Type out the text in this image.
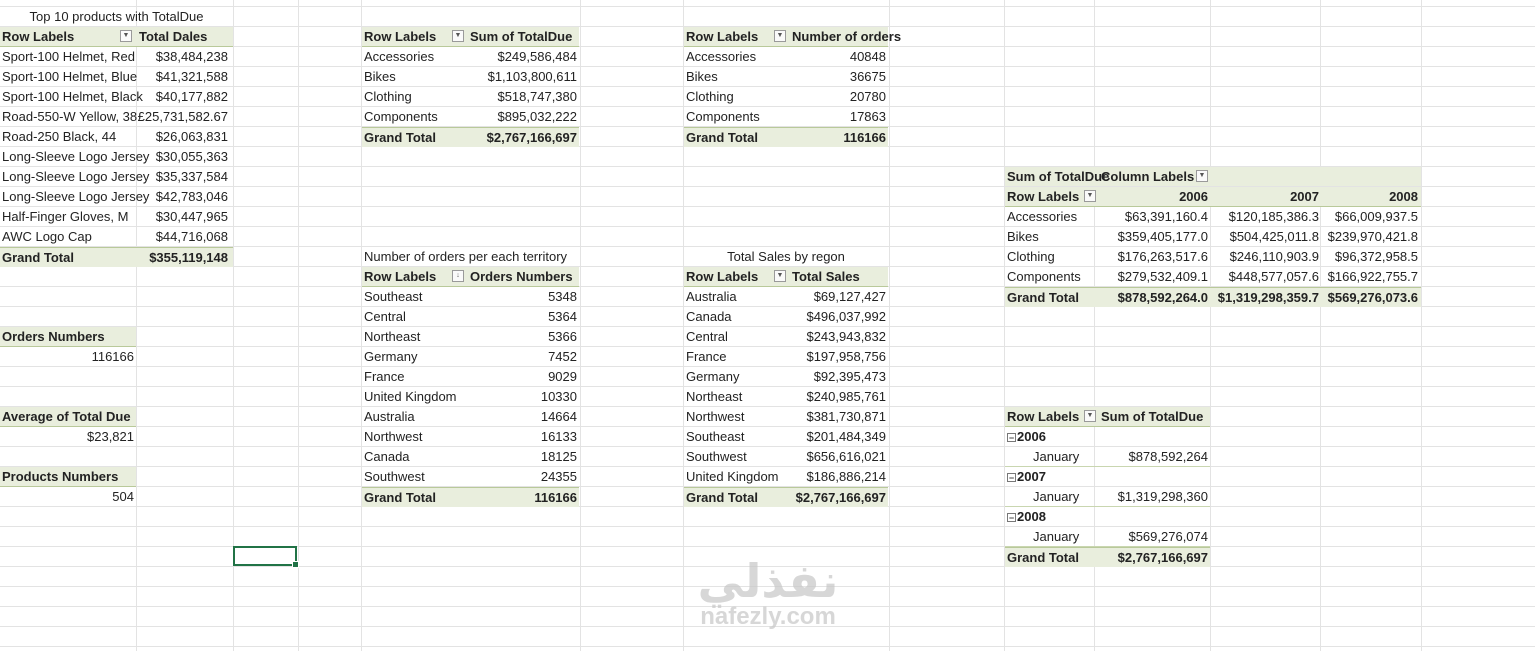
Top 10 products with TotalDue
Row Labels	▼ Total Dales
Sport-100 Helmet, Red	$38,484,238
Sport-100 Helmet, Blue	$41,321,588
Sport-100 Helmet, Black $40,177,882
Road-550-W Yellow, 38 £25,731,582.67
Road-250 Black, 44	$26,063,831
Long-Sleeve Logo Jersey $30,055,363
Long-Sleeve Logo Jersey $35,337,584
Long-Sleeve Logo Jersey $42,783,046
Half-Finger Gloves, M	$30,447,965
AWC Logo Cap	$44,716,068
Grand Total	$355,119,148
Orders Numbers
116166
Average of Total Due
$23,821
Products Numbers
504
Row Labels	▼ Sum of TotalDue
Accessories	$249,586,484
Bikes	$1,103,800,611
Clothing	$518,747,380
Components	$895,032,222
Grand Total	$2,767,166,697
Row Labels	▼ Number of orders
Accessories	40848
Bikes	36675
Clothing	20780
Components	17863
Grand Total	116166
Number of orders per each territory
Row Labels	↓ Orders Numbers
Southeast	5348
Central	5364
Northeast	5366
Germany	7452
France	9029
United Kingdom	10330
Australia	14664
Northwest	16133
Canada	18125
Southwest	24355
Grand Total	116166
Total Sales by regon
Row Labels	▼ Total Sales
Australia	$69,127,427
Canada	$496,037,992
Central	$243,943,832
France	$197,958,756
Germany	$92,395,473
Northeast	$240,985,761
Northwest	$381,730,871
Southeast	$201,484,349
Southwest	$656,616,021
United Kingdom	$186,886,214
Grand Total	$2,767,166,697
Sum of TotalDue
Column Labels ▼
Row Labels	▼	2006	2007	2008
Accessories	$63,391,160.4	$120,185,386.3	$66,009,937.5
Bikes	$359,405,177.0	$504,425,011.8 $239,970,421.8
Clothing	$176,263,517.6	$246,110,903.9	$96,372,958.5
Components	$279,532,409.1	$448,577,057.6 $166,922,755.7
Grand Total	$878,592,264.0 $1,319,298,359.7 $569,276,073.6
Row Labels	▼ Sum of TotalDue
− 2006
January	$878,592,264
− 2007
January	$1,319,298,360
− 2008
January	$569,276,074
Grand Total	$2,767,166,697
نفذلي
nafezly.com
